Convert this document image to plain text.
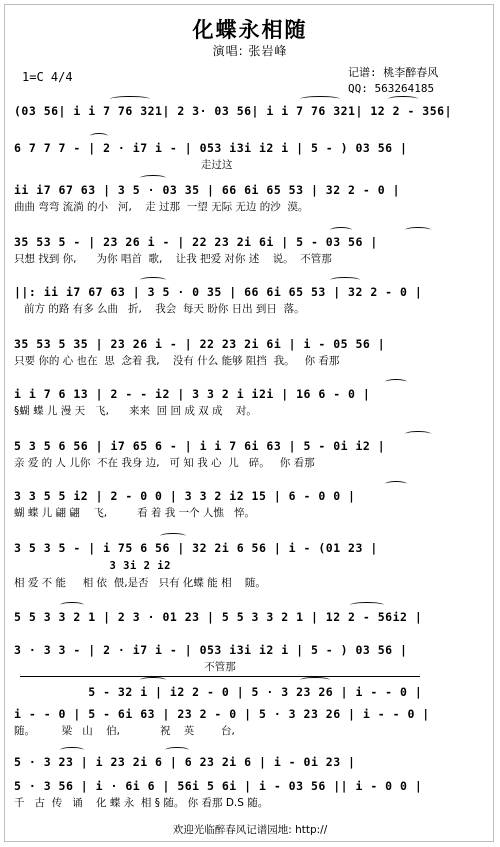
化蝶永相随
演唱: 张岩峰
1=C 4/4	记谱: 桃李醉春风
QQ: 563264185
(03 56| i i 7 76 321| 2 3· 03 56| i i 7 76 321| 12 2 - 356|
6 7 7 7 - | 2 · i7 i - | 053 i3i i2 i | 5 - ) 03 56 |
走过这
ii i7 67 63 | 3 5 · 03 35 | 66 6i 65 53 | 32 2 - 0 |
曲曲 弯弯 流淌 的小   河,    走 过那  一望 无际 无边 的沙  漠。
35 53 5 - | 23 26 i - | 22 23 2i 6i | 5 - 03 56 |
只想 找到 你,      为你 唱首  歌,    让我 把爱 对你 述    说。  不管那
||: ii i7 67 63 | 3 5 · 0 35 | 66 6i 65 53 | 32 2 - 0 |
前方 的路 有多 么曲   折,    我会  每天 盼你 日出 到日  落。
35 53 5 35 | 23 26 i - | 22 23 2i 6i | i - 05 56 |
只要 你的 心 也在  思  念着 我,    没有 什么 能够 阻挡  我。   你 看那
i i 7 6 13 | 2 - - i2 | 3 3 2 i i2i | 16 6 - 0 |
§蝴 蝶 儿 漫 天   飞,      来来  回 回 成 双 成    对。
5 3 5 6 56 | i7 65 6 - | i i 7 6i 63 | 5 - 0i i2 |
亲 爱 的 人 儿你  不在 我身 边,   可 知 我 心  儿   碎。   你 看那
3 3 5 5 i2 | 2 - 0 0 | 3 3 2 i2 15 | 6 - 0 0 |
蝴 蝶 儿 翩 翩    飞,         看 着 我 一个 人憔   悴。
3 5 3 5 - | i 75 6 56 | 32 2i 6 56 | i - (01 23 |
3 3i 2 i2
相 爱 不 能     相 依  偎,是否   只有 化蝶 能 相    随。
5 5 3 3 2 1 | 2 3 · 01 23 | 5 5 3 3 2 1 | 12 2 - 56i2 |
3 · 3 3 - | 2 · i7 i - | 053 i3i i2 i | 5 - ) 03 56 |
不管那
5 - 32 i | i2 2 - 0 | 5 · 3 23 26 | i - - 0 |
i - - 0 | 5 - 6i 63 | 23 2 - 0 | 5 · 3 23 26 | i - - 0 |
随。        梁   山    伯,            祝    英        台,
5 · 3 23 | i 23 2i 6 | 6 23 2i 6 | i - 0i 23 |
5 · 3 56 | i · 6i 6 | 56i 5 6i | i - 03 56 || i - 0 0 |
千   古  传   诵    化 蝶 永  相 § 随。 你 看那 D.S 随。
欢迎光临醉春风记谱园地: http://
